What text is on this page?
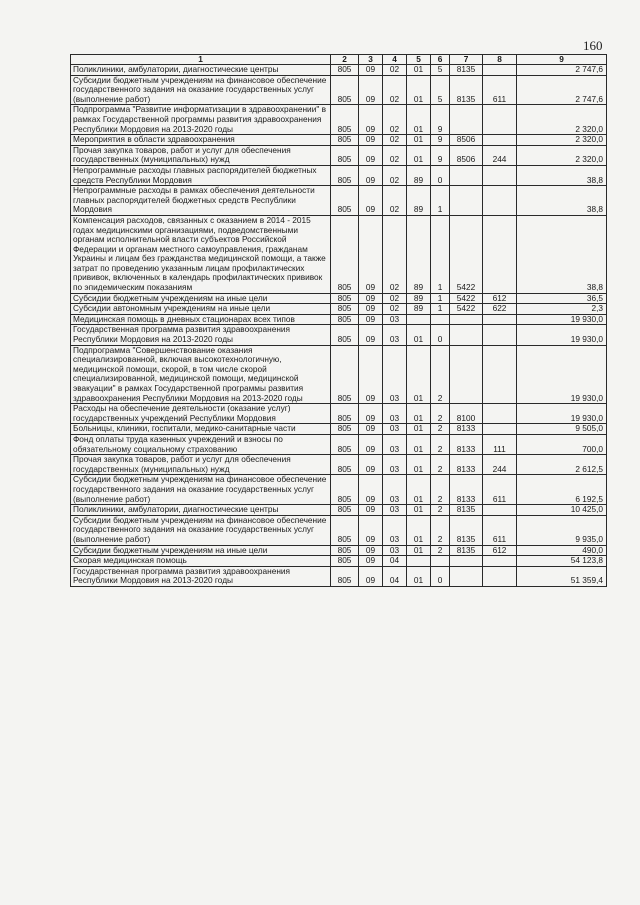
160
1	2	3	4	5	6	7	8	9
Поликлиники, амбулатории, диагностические центры	805	09	02	01	5	8135		2 747,6
Субсидии бюджетным учреждениям на финансовое обеспечение государственного задания на оказание государственных услуг (выполнение работ)	805	09	02	01	5	8135	611	2 747,6
Подпрограмма "Развитие информатизации в здравоохранении" в рамках Государственной программы развития здравоохранения Республики Мордовия на 2013-2020 годы	805	09	02	01	9			2 320,0
Мероприятия в области здравоохранения	805	09	02	01	9	8506		2 320,0
Прочая закупка товаров, работ и услуг для обеспечения государственных (муниципальных) нужд	805	09	02	01	9	8506	244	2 320,0
Непрограммные расходы главных распорядителей бюджетных средств Республики Мордовия	805	09	02	89	0			38,8
Непрограммные расходы в рамках обеспечения деятельности главных распорядителей бюджетных средств Республики Мордовия	805	09	02	89	1			38,8
Компенсация расходов, связанных с оказанием в 2014 - 2015 годах медицинскими организациями, подведомственными органам исполнительной власти субъектов Российской Федерации и органам местного самоуправления, гражданам Украины и лицам без гражданства медицинской помощи, а также затрат по проведению указанным лицам профилактических прививок, включенных в календарь профилактических прививок по эпидемическим показаниям	805	09	02	89	1	5422		38,8
Субсидии бюджетным учреждениям на иные цели	805	09	02	89	1	5422	612	36,5
Субсидии автономным учреждениям на иные цели	805	09	02	89	1	5422	622	2,3
Медицинская помощь в дневных стационарах всех типов	805	09	03					19 930,0
Государственная программа развития здравоохранения Республики Мордовия на 2013-2020 годы	805	09	03	01	0			19 930,0
Подпрограмма "Совершенствование оказания специализированной, включая высокотехнологичную, медицинской помощи, скорой, в том числе скорой специализированной, медицинской помощи, медицинской эвакуации" в рамках Государственной программы развития здравоохранения Республики Мордовия на 2013-2020 годы	805	09	03	01	2			19 930,0
Расходы на обеспечение деятельности (оказание услуг) государственных учреждений Республики Мордовия	805	09	03	01	2	8100		19 930,0
Больницы, клиники, госпитали, медико-санитарные части	805	09	03	01	2	8133		9 505,0
Фонд оплаты труда казенных учреждений и взносы по обязательному социальному страхованию	805	09	03	01	2	8133	111	700,0
Прочая закупка товаров, работ и услуг для обеспечения государственных (муниципальных) нужд	805	09	03	01	2	8133	244	2 612,5
Субсидии бюджетным учреждениям на финансовое обеспечение государственного задания на оказание государственных услуг (выполнение работ)	805	09	03	01	2	8133	611	6 192,5
Поликлиники, амбулатории, диагностические центры	805	09	03	01	2	8135		10 425,0
Субсидии бюджетным учреждениям на финансовое обеспечение государственного задания на оказание государственных услуг (выполнение работ)	805	09	03	01	2	8135	611	9 935,0
Субсидии бюджетным учреждениям на иные цели	805	09	03	01	2	8135	612	490,0
Скорая медицинская помощь	805	09	04					54 123,8
Государственная программа развития здравоохранения Республики Мордовия на 2013-2020 годы	805	09	04	01	0			51 359,4
